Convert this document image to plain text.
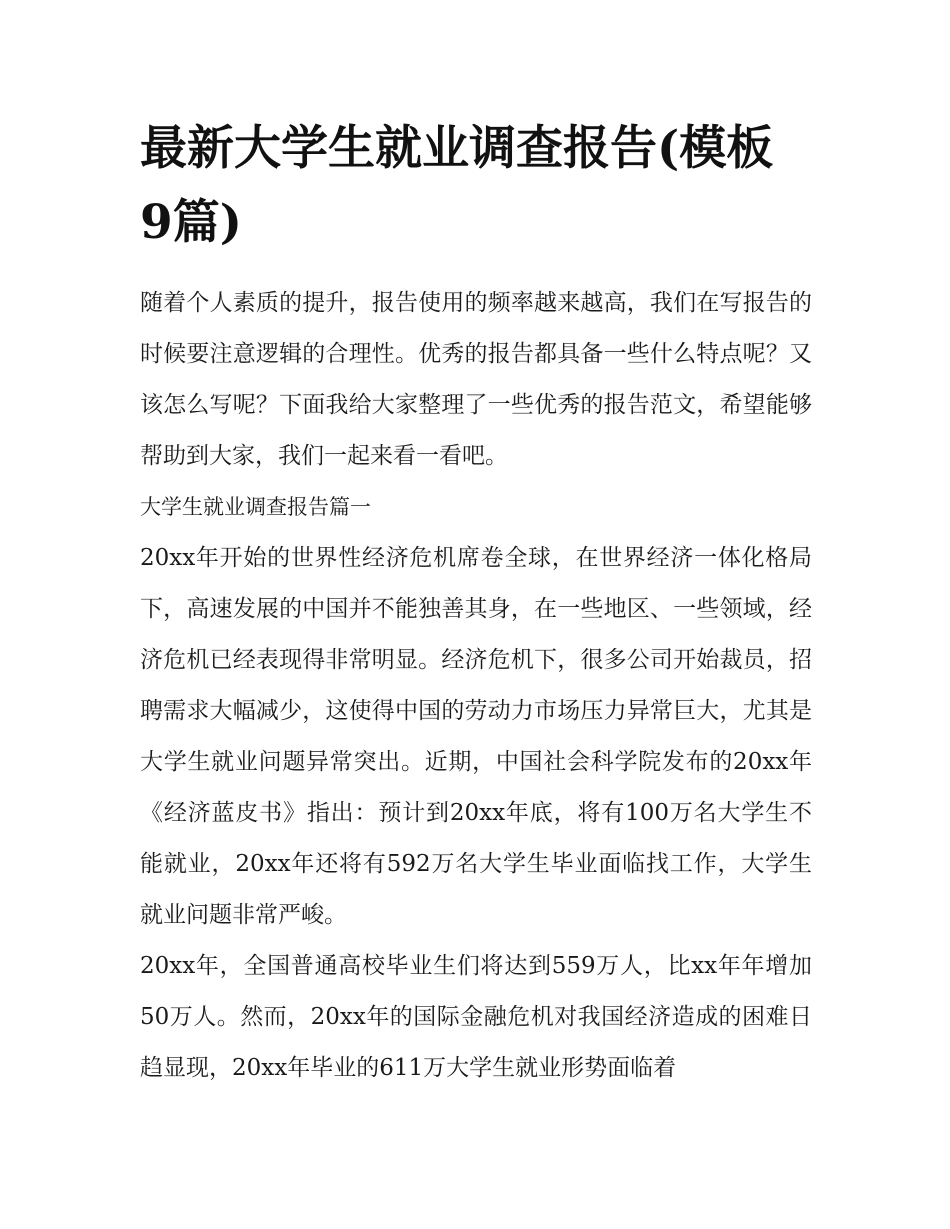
最新大学生就业调查报告(模板 9篇)

随着个人素质的提升，报告使用的频率越来越高，我们在写报告的时候要注意逻辑的合理性。优秀的报告都具备一些什么特点呢？又该怎么写呢？下面我给大家整理了一些优秀的报告范文，希望能够帮助到大家，我们一起来看一看吧。

大学生就业调查报告篇一

20xx年开始的世界性经济危机席卷全球，在世界经济一体化格局下，高速发展的中国并不能独善其身，在一些地区、一些领域，经济危机已经表现得非常明显。经济危机下，很多公司开始裁员，招聘需求大幅减少，这使得中国的劳动力市场压力异常巨大，尤其是大学生就业问题异常突出。近期，中国社会科学院发布的20xx年《经济蓝皮书》指出：预计到20xx年底，将有100万名大学生不能就业，20xx年还将有592万名大学生毕业面临找工作，大学生就业问题非常严峻。

20xx年，全国普通高校毕业生们将达到559万人，比xx年年增加50万人。然而，20xx年的国际金融危机对我国经济造成的困难日趋显现，20xx年毕业的611万大学生就业形势面临着
